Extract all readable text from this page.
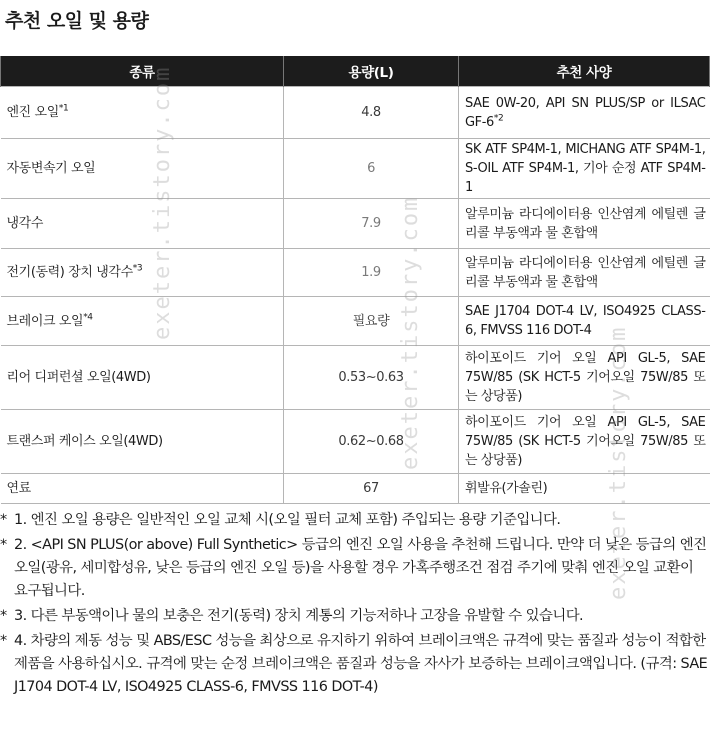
추천 오일 및 용량
종류	용량(L)	추천 사양
엔진 오일$^{*1}$	4.8	SAE 0W-20, API SN PLUS/SP or ILSAC GF-6$^{*2}$
자동변속기 오일	6	SK ATF SP4M-1, MICHANG ATF SP4M-1, S-OIL ATF SP4M-1, 기아 순정 ATF SP4M-1
냉각수	7.9	알루미늄 라디에이터용 인산염계 에틸렌 글리콜 부동액과 물 혼합액
전기(동력) 장치 냉각수$^{*3}$	1.9	알루미늄 라디에이터용 인산염계 에틸렌 글리콜 부동액과 물 혼합액
브레이크 오일$^{*4}$	필요량	SAE J1704 DOT-4 LV, ISO4925 CLASS-6, FMVSS 116 DOT-4
리어 디퍼런셜 오일(4WD)	0.53~0.63	하이포이드 기어 오일 API GL-5, SAE 75W/85 (SK HCT-5 기어오일 75W/85 또는 상당품)
트랜스퍼 케이스 오일(4WD)	0.62~0.68	하이포이드 기어 오일 API GL-5, SAE 75W/85 (SK HCT-5 기어오일 75W/85 또는 상당품)
연료	67	휘발유(가솔린)
* 1. 엔진 오일 용량은 일반적인 오일 교체 시(오일 필터 교체 포함) 주입되는 용량 기준입니다.
* 2. <API SN PLUS(or above) Full Synthetic> 등급의 엔진 오일 사용을 추천해 드립니다. 만약 더 낮은 등급의 엔진 오일(광유, 세미합성유, 낮은 등급의 엔진 오일 등)을 사용할 경우 가혹주행조건 점검 주기에 맞춰 엔진 오일 교환이 요구됩니다.
* 3. 다른 부동액이나 물의 보충은 전기(동력) 장치 계통의 기능저하나 고장을 유발할 수 있습니다.
* 4. 차량의 제동 성능 및 ABS/ESC 성능을 최상으로 유지하기 위하여 브레이크액은 규격에 맞는 품질과 성능이 적합한 제품을 사용하십시오. 규격에 맞는 순정 브레이크액은 품질과 성능을 자사가 보증하는 브레이크액입니다. (규격: SAE J1704 DOT-4 LV, ISO4925 CLASS-6, FMVSS 116 DOT-4)
exeter.tistory.com	exeter.tistory.com	exeter.tistory.com
